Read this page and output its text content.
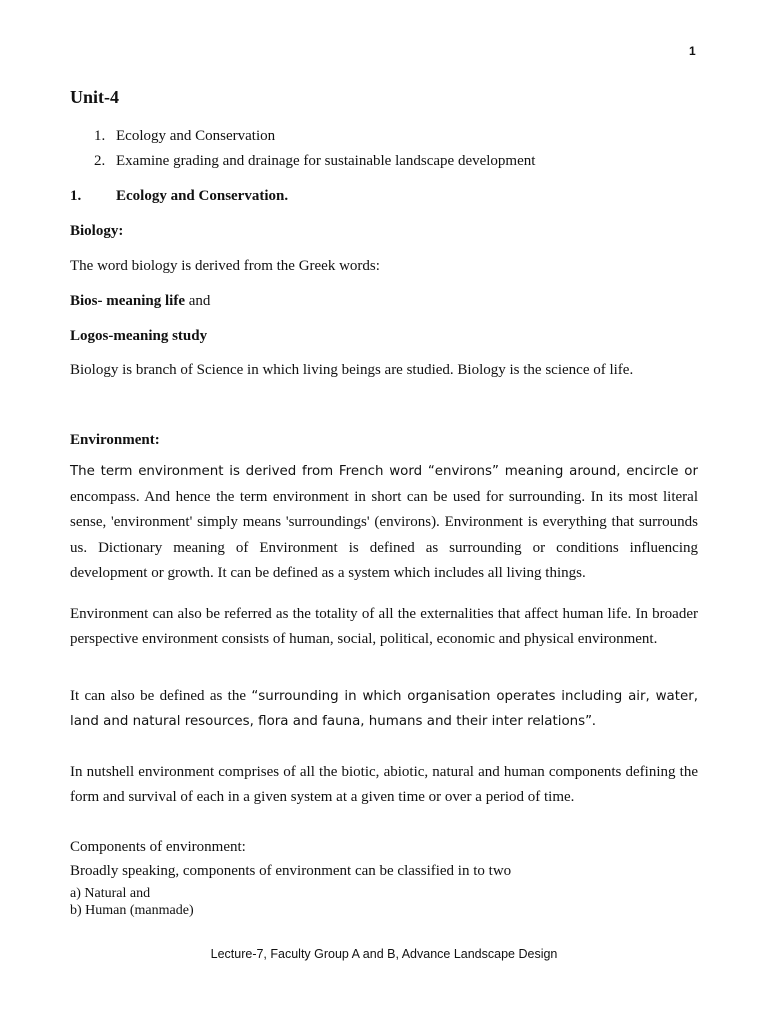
1
Unit-4
1. Ecology and Conservation
2. Examine grading and drainage for sustainable landscape development
1. Ecology and Conservation.
Biology:
The word biology is derived from the Greek words:
Bios- meaning life and
Logos-meaning study
Biology is branch of Science in which living beings are studied. Biology is the science of life.
Environment:
The term environment is derived from French word “environs” meaning around, encircle or encompass. And hence the term environment in short can be used for surrounding. In its most literal sense, 'environment' simply means 'surroundings' (environs). Environment is everything that surrounds us. Dictionary meaning of Environment is defined as surrounding or conditions influencing development or growth. It can be defined as a system which includes all living things.
Environment can also be referred as the totality of all the externalities that affect human life. In broader perspective environment consists of human, social, political, economic and physical environment.
It can also be defined as the “surrounding in which organisation operates including air, water, land and natural resources, flora and fauna, humans and their inter relations”.
In nutshell environment comprises of all the biotic, abiotic, natural and human components defining the form and survival of each in a given system at a given time or over a period of time.
Components of environment:
Broadly speaking, components of environment can be classified in to two
a) Natural and
b) Human (manmade)
Lecture-7, Faculty Group A and B, Advance Landscape Design
